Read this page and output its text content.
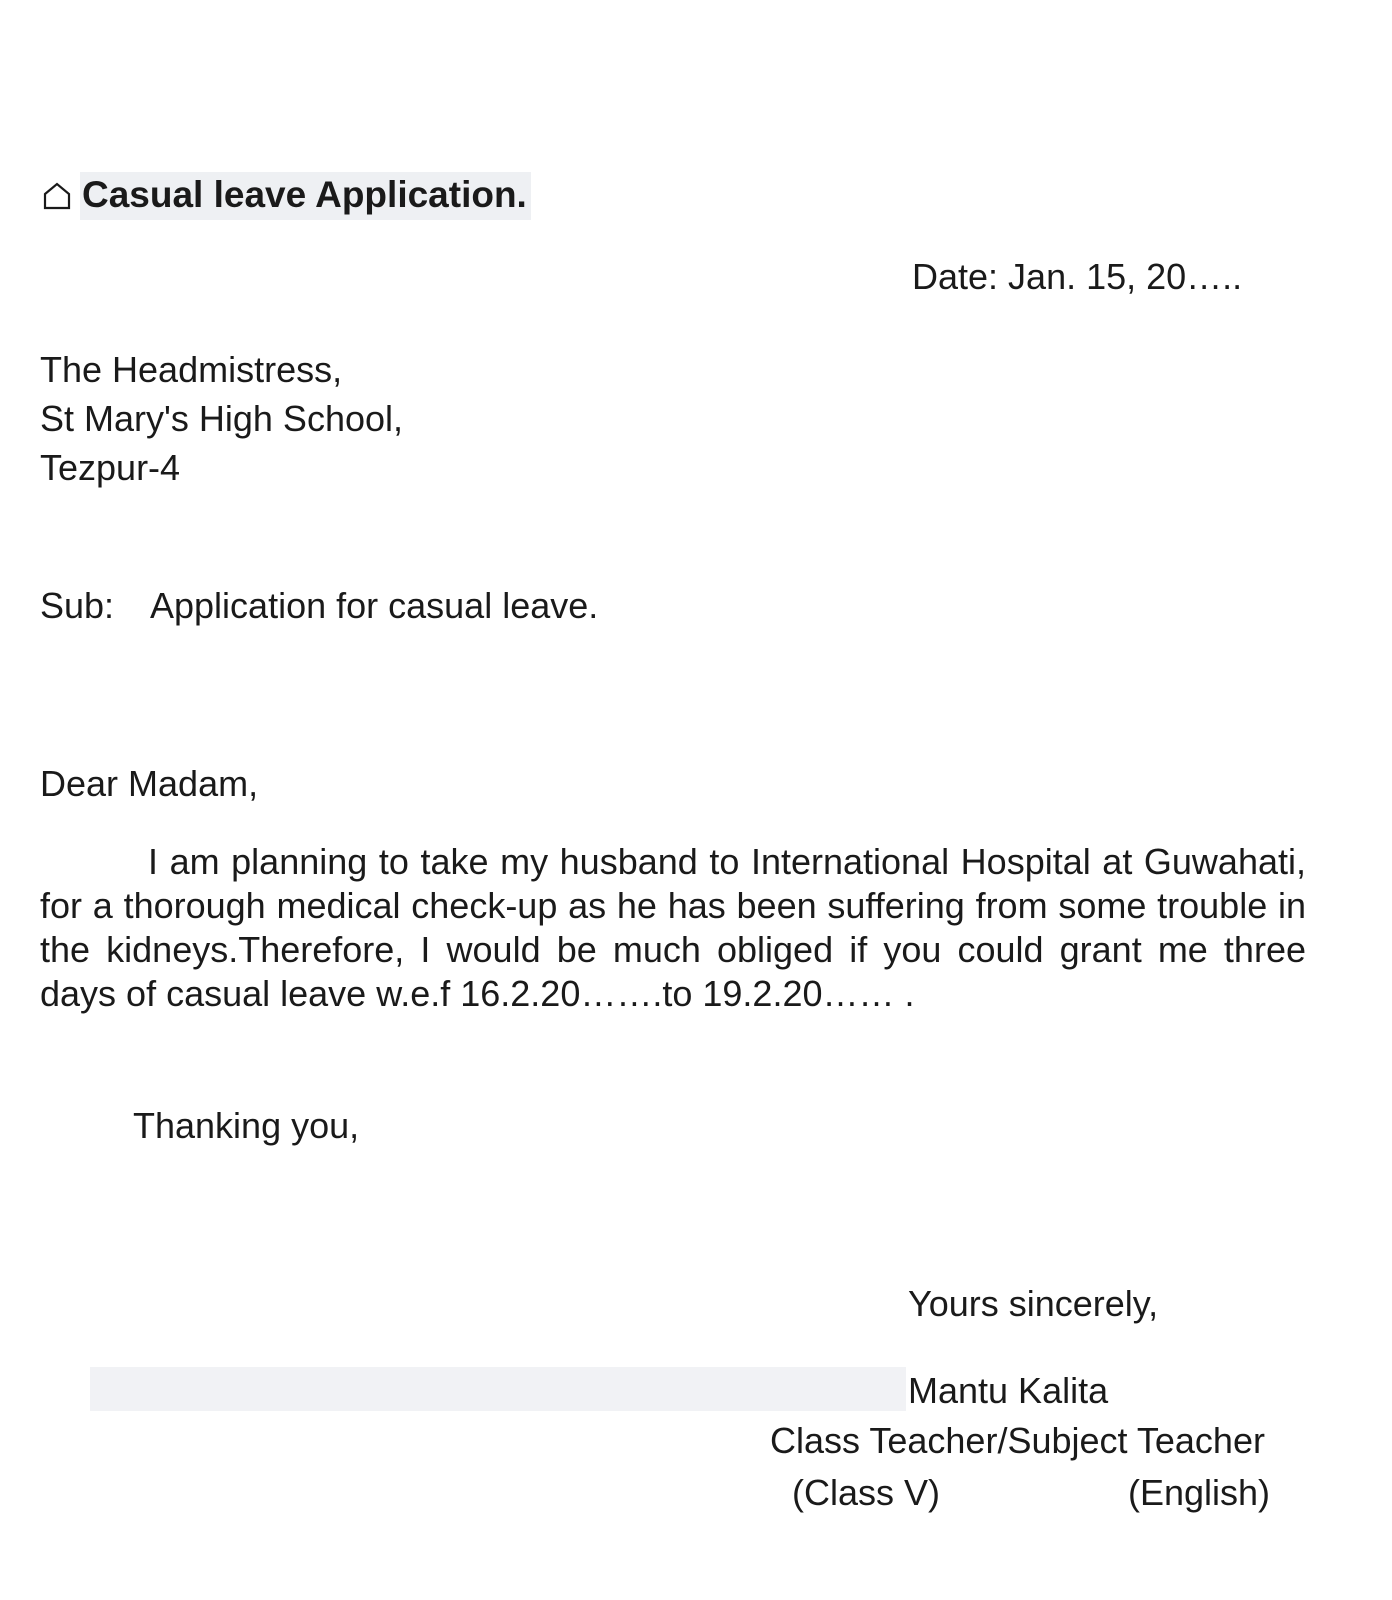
Casual leave Application.
Date: Jan. 15, 20…..
The Headmistress,
St Mary's High School,
Tezpur-4
Sub: Application for casual leave.
Dear Madam,

I am planning to take my husband to International Hospital at Guwahati, for a thorough medical check-up as he has been suffering from some trouble in the kidneys.Therefore, I would be much obliged if you could grant me three days of casual leave w.e.f 16.2.20…….to 19.2.20…… .

Thanking you,
Yours sincerely,
Mantu Kalita
Class Teacher/Subject Teacher
(Class V)	(English)
